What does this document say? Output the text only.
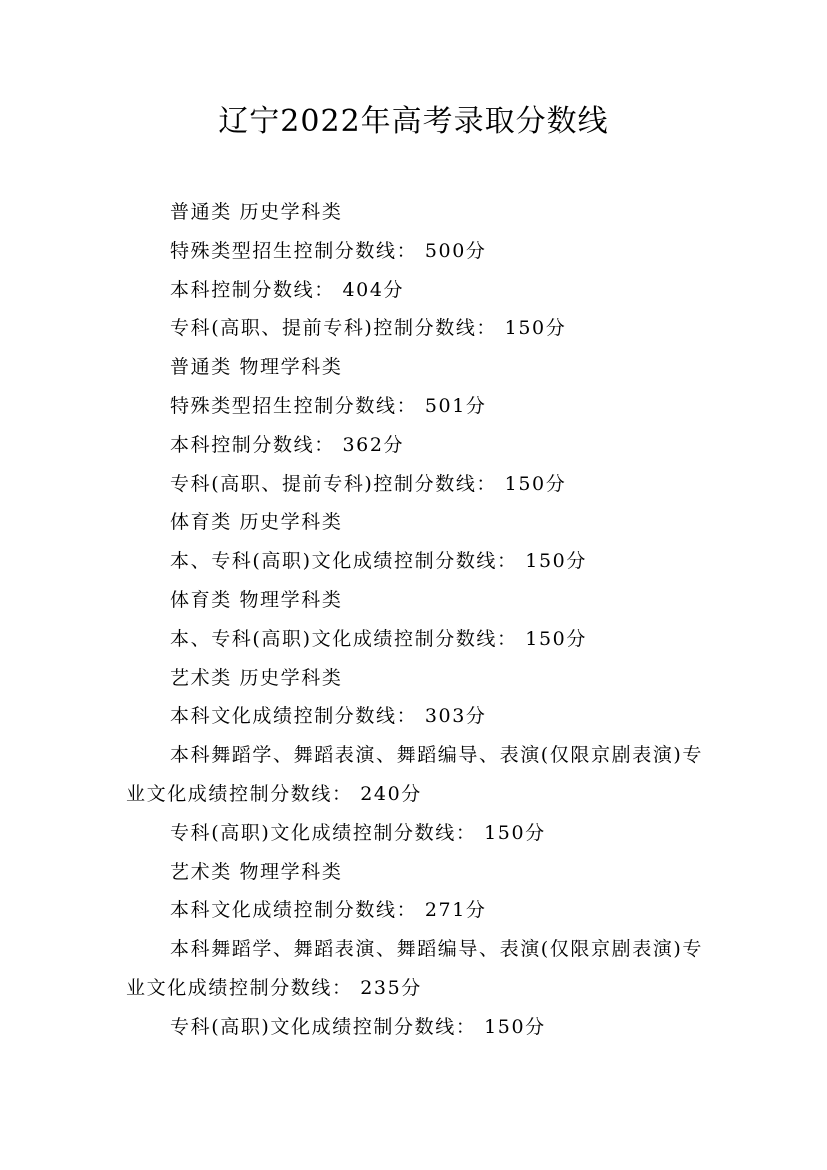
辽宁2022年高考录取分数线
普通类 历史学科类
特殊类型招生控制分数线： 500分
本科控制分数线： 404分
专科(高职、提前专科)控制分数线： 150分
普通类 物理学科类
特殊类型招生控制分数线： 501分
本科控制分数线： 362分
专科(高职、提前专科)控制分数线： 150分
体育类 历史学科类
本、专科(高职)文化成绩控制分数线： 150分
体育类 物理学科类
本、专科(高职)文化成绩控制分数线： 150分
艺术类 历史学科类
本科文化成绩控制分数线： 303分
本科舞蹈学、舞蹈表演、舞蹈编导、表演(仅限京剧表演)专业文化成绩控制分数线： 240分
专科(高职)文化成绩控制分数线： 150分
艺术类 物理学科类
本科文化成绩控制分数线： 271分
本科舞蹈学、舞蹈表演、舞蹈编导、表演(仅限京剧表演)专业文化成绩控制分数线： 235分
专科(高职)文化成绩控制分数线： 150分
